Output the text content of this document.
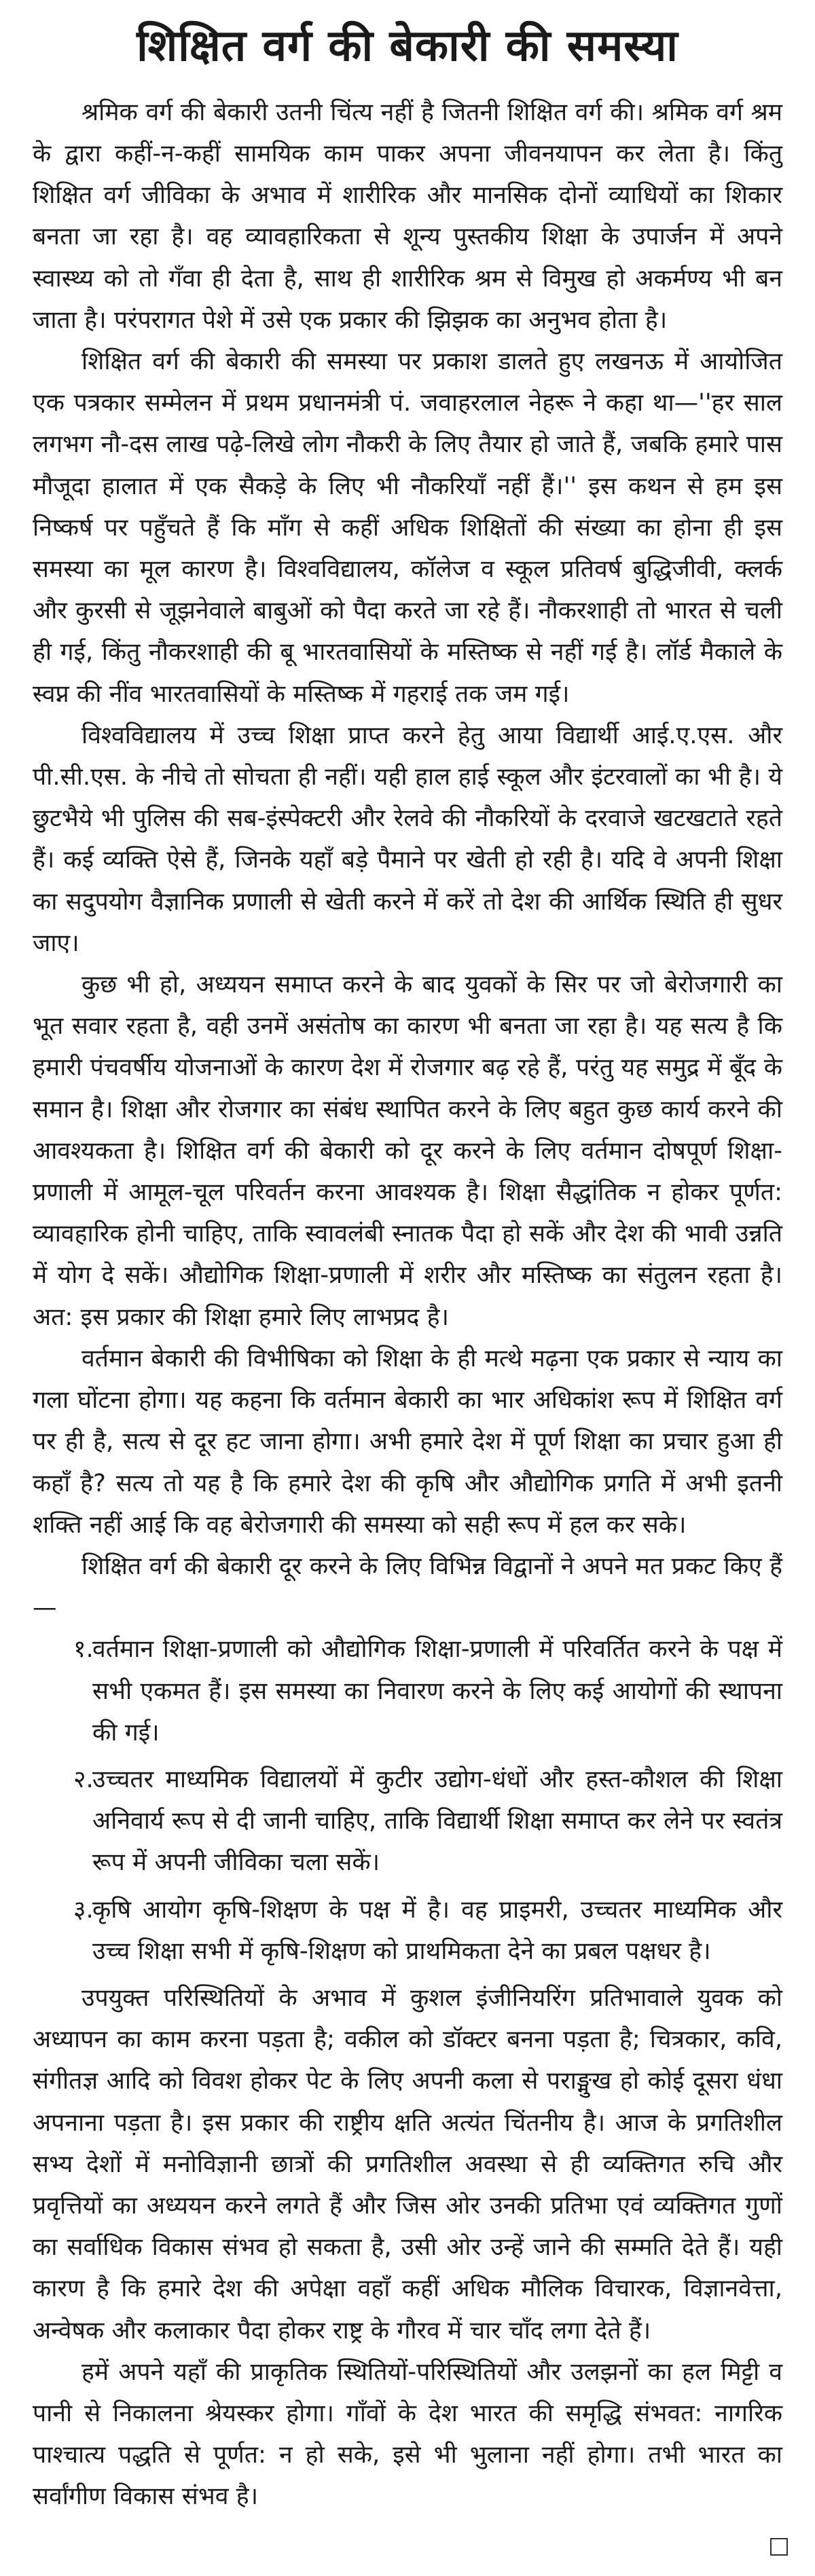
शिक्षित वर्ग की बेकारी की समस्या

श्रमिक वर्ग की बेकारी उतनी चिंत्य नहीं है जितनी शिक्षित वर्ग की। श्रमिक वर्ग श्रम के द्वारा कहीं-न-कहीं सामयिक काम पाकर अपना जीवनयापन कर लेता है। किंतु शिक्षित वर्ग जीविका के अभाव में शारीरिक और मानसिक दोनों व्याधियों का शिकार बनता जा रहा है। वह व्यावहारिकता से शून्य पुस्तकीय शिक्षा के उपार्जन में अपने स्वास्थ्य को तो गँवा ही देता है, साथ ही शारीरिक श्रम से विमुख हो अकर्मण्य भी बन जाता है। परंपरागत पेशे में उसे एक प्रकार की झिझक का अनुभव होता है।

शिक्षित वर्ग की बेकारी की समस्या पर प्रकाश डालते हुए लखनऊ में आयोजित एक पत्रकार सम्मेलन में प्रथम प्रधानमंत्री पं. जवाहरलाल नेहरू ने कहा था—''हर साल लगभग नौ-दस लाख पढ़े-लिखे लोग नौकरी के लिए तैयार हो जाते हैं, जबकि हमारे पास मौजूदा हालात में एक सैकड़े के लिए भी नौकरियाँ नहीं हैं।'' इस कथन से हम इस निष्कर्ष पर पहुँचते हैं कि माँग से कहीं अधिक शिक्षितों की संख्या का होना ही इस समस्या का मूल कारण है। विश्वविद्यालय, कॉलेज व स्कूल प्रतिवर्ष बुद्धिजीवी, क्लर्क और कुरसी से जूझनेवाले बाबुओं को पैदा करते जा रहे हैं। नौकरशाही तो भारत से चली ही गई, किंतु नौकरशाही की बू भारतवासियों के मस्तिष्क से नहीं गई है। लॉर्ड मैकाले के स्वप्न की नींव भारतवासियों के मस्तिष्क में गहराई तक जम गई।

विश्वविद्यालय में उच्च शिक्षा प्राप्त करने हेतु आया विद्यार्थी आई.ए.एस. और पी.सी.एस. के नीचे तो सोचता ही नहीं। यही हाल हाई स्कूल और इंटरवालों का भी है। ये छुटभैये भी पुलिस की सब-इंस्पेक्टरी और रेलवे की नौकरियों के दरवाजे खटखटाते रहते हैं। कई व्यक्ति ऐसे हैं, जिनके यहाँ बड़े पैमाने पर खेती हो रही है। यदि वे अपनी शिक्षा का सदुपयोग वैज्ञानिक प्रणाली से खेती करने में करें तो देश की आर्थिक स्थिति ही सुधर जाए।

कुछ भी हो, अध्ययन समाप्त करने के बाद युवकों के सिर पर जो बेरोजगारी का भूत सवार रहता है, वही उनमें असंतोष का कारण भी बनता जा रहा है। यह सत्य है कि हमारी पंचवर्षीय योजनाओं के कारण देश में रोजगार बढ़ रहे हैं, परंतु यह समुद्र में बूँद के समान है। शिक्षा और रोजगार का संबंध स्थापित करने के लिए बहुत कुछ कार्य करने की आवश्यकता है। शिक्षित वर्ग की बेकारी को दूर करने के लिए वर्तमान दोषपूर्ण शिक्षा-प्रणाली में आमूल-चूल परिवर्तन करना आवश्यक है। शिक्षा सैद्धांतिक न होकर पूर्णत: व्यावहारिक होनी चाहिए, ताकि स्वावलंबी स्नातक पैदा हो सकें और देश की भावी उन्नति में योग दे सकें। औद्योगिक शिक्षा-प्रणाली में शरीर और मस्तिष्क का संतुलन रहता है। अत: इस प्रकार की शिक्षा हमारे लिए लाभप्रद है।

वर्तमान बेकारी की विभीषिका को शिक्षा के ही मत्थे मढ़ना एक प्रकार से न्याय का गला घोंटना होगा। यह कहना कि वर्तमान बेकारी का भार अधिकांश रूप में शिक्षित वर्ग पर ही है, सत्य से दूर हट जाना होगा। अभी हमारे देश में पूर्ण शिक्षा का प्रचार हुआ ही कहाँ है? सत्य तो यह है कि हमारे देश की कृषि और औद्योगिक प्रगति में अभी इतनी शक्ति नहीं आई कि वह बेरोजगारी की समस्या को सही रूप में हल कर सके।

शिक्षित वर्ग की बेकारी दूर करने के लिए विभिन्न विद्वानों ने अपने मत प्रकट किए हैं—

१.
वर्तमान शिक्षा-प्रणाली को औद्योगिक शिक्षा-प्रणाली में परिवर्तित करने के पक्ष में सभी एकमत हैं। इस समस्या का निवारण करने के लिए कई आयोगों की स्थापना की गई।
२.
उच्चतर माध्यमिक विद्यालयों में कुटीर उद्योग-धंधों और हस्त-कौशल की शिक्षा अनिवार्य रूप से दी जानी चाहिए, ताकि विद्यार्थी शिक्षा समाप्त कर लेने पर स्वतंत्र रूप में अपनी जीविका चला सकें।
३.
कृषि आयोग कृषि-शिक्षण के पक्ष में है। वह प्राइमरी, उच्चतर माध्यमिक और उच्च शिक्षा सभी में कृषि-शिक्षण को प्राथमिकता देने का प्रबल पक्षधर है।

उपयुक्त परिस्थितियों के अभाव में कुशल इंजीनियरिंग प्रतिभावाले युवक को अध्यापन का काम करना पड़ता है; वकील को डॉक्टर बनना पड़ता है; चित्रकार, कवि, संगीतज्ञ आदि को विवश होकर पेट के लिए अपनी कला से पराङ्मुख हो कोई दूसरा धंधा अपनाना पड़ता है। इस प्रकार की राष्ट्रीय क्षति अत्यंत चिंतनीय है। आज के प्रगतिशील सभ्य देशों में मनोविज्ञानी छात्रों की प्रगतिशील अवस्था से ही व्यक्तिगत रुचि और प्रवृत्तियों का अध्ययन करने लगते हैं और जिस ओर उनकी प्रतिभा एवं व्यक्तिगत गुणों का सर्वाधिक विकास संभव हो सकता है, उसी ओर उन्हें जाने की सम्मति देते हैं। यही कारण है कि हमारे देश की अपेक्षा वहाँ कहीं अधिक मौलिक विचारक, विज्ञानवेत्ता, अन्वेषक और कलाकार पैदा होकर राष्ट्र के गौरव में चार चाँद लगा देते हैं।

हमें अपने यहाँ की प्राकृतिक स्थितियों-परिस्थितियों और उलझनों का हल मिट्टी व पानी से निकालना श्रेयस्कर होगा। गाँवों के देश भारत की समृद्धि संभवत: नागरिक पाश्चात्य पद्धति से पूर्णत: न हो सके, इसे भी भुलाना नहीं होगा। तभी भारत का सर्वांगीण विकास संभव है।
